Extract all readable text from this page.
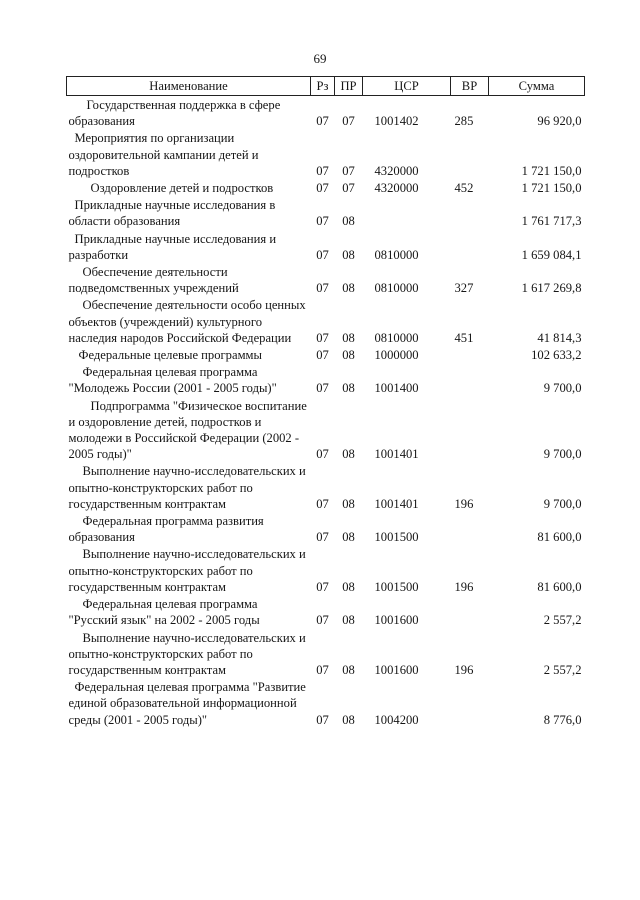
69
Наименование	Рз	ПР	ЦСР	ВР	Сумма
Государственная поддержка в сфере образования	07	07	1001402	285	96 920,0
Мероприятия по организации оздоровительной кампании детей и подростков	07	07	4320000		1 721 150,0
Оздоровление детей и подростков	07	07	4320000	452	1 721 150,0
Прикладные научные исследования в области образования	07	08			1 761 717,3
Прикладные научные исследования и разработки	07	08	0810000		1 659 084,1
Обеспечение деятельности подведомственных учреждений	07	08	0810000	327	1 617 269,8
Обеспечение деятельности особо ценных объектов (учреждений) культурного наследия народов Российской Федерации	07	08	0810000	451	41 814,3
Федеральные целевые программы	07	08	1000000		102 633,2
Федеральная целевая программа "Молодежь России (2001 - 2005 годы)"	07	08	1001400		9 700,0
Подпрограмма "Физическое воспитание и оздоровление детей, подростков и молодежи в Российской Федерации (2002 - 2005 годы)"	07	08	1001401		9 700,0
Выполнение научно-исследовательских и опытно-конструкторских работ по государственным контрактам	07	08	1001401	196	9 700,0
Федеральная программа развития образования	07	08	1001500		81 600,0
Выполнение научно-исследовательских и опытно-конструкторских работ по государственным контрактам	07	08	1001500	196	81 600,0
Федеральная целевая программа "Русский язык" на 2002 - 2005 годы	07	08	1001600		2 557,2
Выполнение научно-исследовательских и опытно-конструкторских работ по государственным контрактам	07	08	1001600	196	2 557,2
Федеральная целевая программа "Развитие единой образовательной информационной среды (2001 - 2005 годы)"	07	08	1004200		8 776,0
